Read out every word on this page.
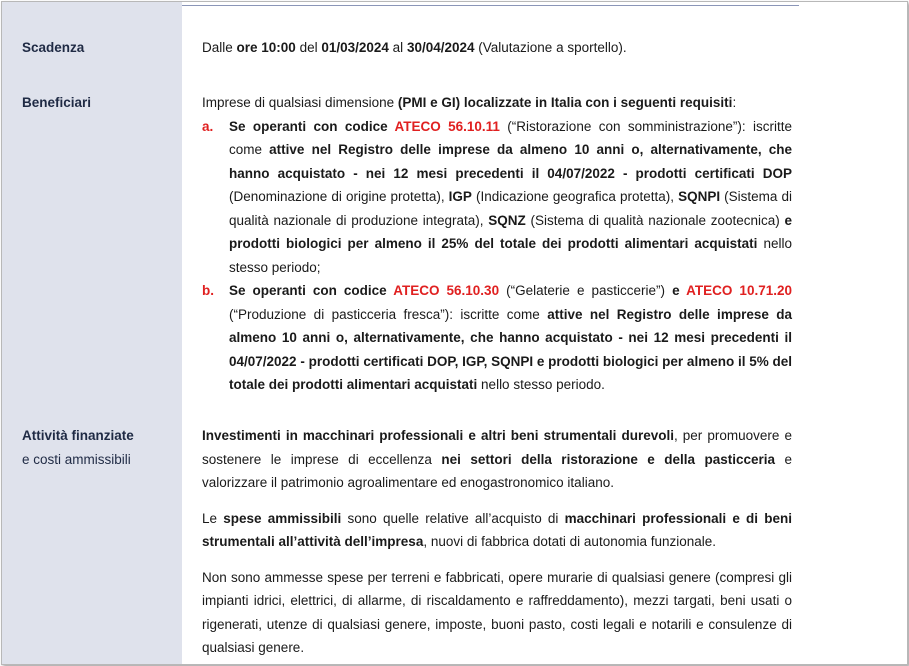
Scadenza	Dalle ore 10:00 del 01/03/2024 al 30/04/2024 (Valutazione a sportello).

Beneficiari	Imprese di qualsiasi dimensione (PMI e GI) localizzate in Italia con i seguenti requisiti:

a. Se operanti con codice ATECO 56.10.11 (“Ristorazione con somministrazione”): iscritte come attive nel Registro delle imprese da almeno 10 anni o, alternativamente, che hanno acquistato - nei 12 mesi precedenti il 04/07/2022 - prodotti certificati DOP (Denominazione di origine protetta), IGP (Indicazione geografica protetta), SQNPI (Sistema di qualità nazionale di produzione integrata), SQNZ (Sistema di qualità nazionale zootecnica) e prodotti biologici per almeno il 25% del totale dei prodotti alimentari acquistati nello stesso periodo;
b. Se operanti con codice ATECO 56.10.30 (“Gelaterie e pasticcerie”) e ATECO 10.71.20 (“Produzione di pasticceria fresca”): iscritte come attive nel Registro delle imprese da almeno 10 anni o, alternativamente, che hanno acquistato - nei 12 mesi precedenti il 04/07/2022 - prodotti certificati DOP, IGP, SQNPI e prodotti biologici per almeno il 5% del totale dei prodotti alimentari acquistati nello stesso periodo.
Attività finanziate
e costi ammissibili

Investimenti in macchinari professionali e altri beni strumentali durevoli, per promuovere e sostenere le imprese di eccellenza nei settori della ristorazione e della pasticceria e valorizzare il patrimonio agroalimentare ed enogastronomico italiano.

Le spese ammissibili sono quelle relative all’acquisto di macchinari professionali e di beni strumentali all’attività dell’impresa, nuovi di fabbrica dotati di autonomia funzionale.

Non sono ammesse spese per terreni e fabbricati, opere murarie di qualsiasi genere (compresi gli impianti idrici, elettrici, di allarme, di riscaldamento e raffreddamento), mezzi targati, beni usati o rigenerati, utenze di qualsiasi genere, imposte, buoni pasto, costi legali e notarili e consulenze di qualsiasi genere.
